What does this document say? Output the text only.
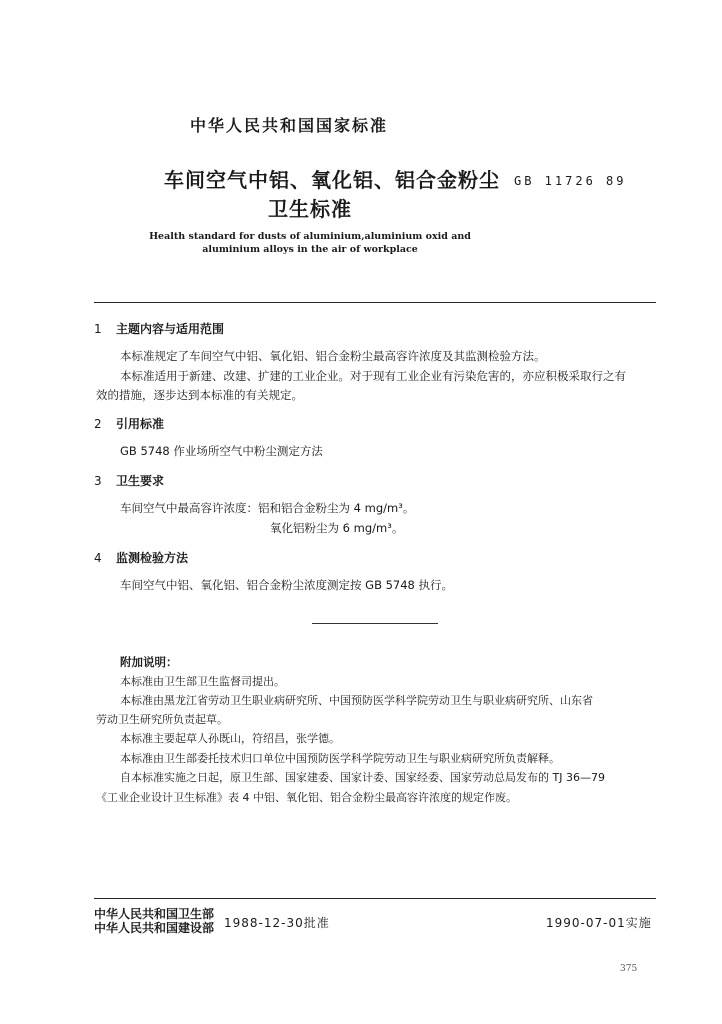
中华人民共和国国家标准
车间空气中铝、氧化铝、铝合金粉尘
卫生标准
GB 11726 89
Health standard for dusts of aluminium,aluminium oxid and
aluminium alloys in the air of workplace
1 主题内容与适用范围
本标准规定了车间空气中铝、氧化铝、铝合金粉尘最高容许浓度及其监测检验方法。
本标准适用于新建、改建、扩建的工业企业。对于现有工业企业有污染危害的，亦应积极采取行之有
效的措施，逐步达到本标准的有关规定。
2 引用标准
GB 5748 作业场所空气中粉尘测定方法
3 卫生要求
车间空气中最高容许浓度：铝和铝合金粉尘为 4 mg/m³。
氧化铝粉尘为 6 mg/m³。
4 监测检验方法
车间空气中铝、氧化铝、铝合金粉尘浓度测定按 GB 5748 执行。
附加说明：
本标准由卫生部卫生监督司提出。
本标准由黑龙江省劳动卫生职业病研究所、中国预防医学科学院劳动卫生与职业病研究所、山东省
劳动卫生研究所负责起草。
本标准主要起草人孙既山，符绍昌，张学德。
本标准由卫生部委托技术归口单位中国预防医学科学院劳动卫生与职业病研究所负责解释。
自本标准实施之日起，原卫生部、国家建委、国家计委、国家经委、国家劳动总局发布的 TJ 36—79
《工业企业设计卫生标准》表 4 中铝、氧化铝、铝合金粉尘最高容许浓度的规定作废。
中华人民共和国卫生部
中华人民共和国建设部 1988-12-30批准	1990-07-01实施
375
